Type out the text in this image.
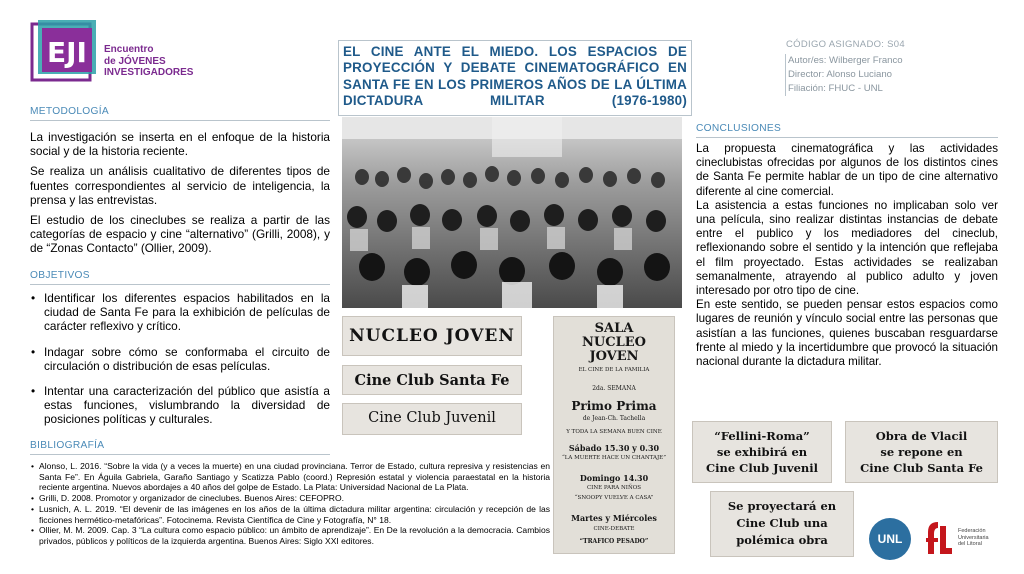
EJI Encuentro
de JÓVENES
INVESTIGADORES
EL CINE ANTE EL MIEDO. LOS ESPACIOS DE PROYECCIÓN Y DEBATE CINEMATOGRÁFICO EN SANTA FE EN LOS PRIMEROS AÑOS DE LA ÚLTIMA DICTADURA MILITAR (1976-1980)
CÓDIGO ASIGNADO: S04
Autor/es: Wilberger Franco
Director: Alonso Luciano
Filiación: FHUC - UNL
METODOLOGÍA

La investigación se inserta en el enfoque de la historia social y de la historia reciente.

Se realiza un análisis cualitativo de diferentes tipos de fuentes correspondientes al servicio de inteligencia, la prensa y las entrevistas.

El estudio de los cineclubes se realiza a partir de las categorías de espacio y cine “alternativo” (Grilli, 2008), y de “Zonas Contacto” (Ollier, 2009).

OBJETIVOS
• Identificar los diferentes espacios habilitados en la ciudad de Santa Fe para la exhibición de películas de carácter reflexivo y crítico.
• Indagar sobre cómo se conformaba el circuito de circulación o distribución de esas películas.
• Intentar una caracterización del público que asistía a estas funciones, vislumbrando la diversidad de posiciones políticas y culturales.
BIBLIOGRAFÍA
• Alonso, L. 2016. “Sobre la vida (y a veces la muerte) en una ciudad provinciana. Terror de Estado, cultura represiva y resistencias en Santa Fe”. En Águila Gabriela, Garaño Santiago y Scatizza Pablo (coord.) Represión estatal y violencia paraestatal en la historia reciente argentina. Nuevos abordajes a 40 años del golpe de Estado. La Plata: Universidad Nacional de La Plata.
• Grilli, D. 2008. Promotor y organizador de cineclubes. Buenos Aires: CEFOPRO.
• Lusnich, A. L. 2019. “El devenir de las imágenes en los años de la última dictadura militar argentina: circulación y recepción de las ficciones hermético-metafóricas”. Fotocinema. Revista Científica de Cine y Fotografía, N° 18.
• Ollier, M. M. 2009. Cap. 3 “La cultura como espacio público: un ámbito de aprendizaje”. En De la revolución a la democracia. Cambios privados, públicos y políticos de la izquierda argentina. Buenos Aires: Siglo XXI editores.
NUCLEO JOVEN
Cine Club Santa Fe
Cine Club Juvenil
SALA
NUCLEO
JOVEN
EL CINE DE LA FAMILIA
2da. SEMANA
Primo Prima
de Jean-Ch. Tachella
Y TODA LA SEMANA BUEN CINE
Sábado 15.30 y 0.30
“LA MUERTE HACE UN CHANTAJE”
Domingo 14.30
CINE PARA NIÑOS
“SNOOPY VUELVE A CASA”
Martes y Miércoles
CINE-DEBATE
“TRAFICO PESADO”
“Fellini-Roma”
se exhibirá en
Cine Club Juvenil
Obra de Vlacil
se repone en
Cine Club Santa Fe
Se proyectará en
Cine Club una
polémica obra
CONCLUSIONES

La propuesta cinematográfica y las actividades cineclubistas ofrecidas por algunos de los distintos cines de Santa Fe permite hablar de un tipo de cine alternativo diferente al cine comercial.

La asistencia a estas funciones no implicaban solo ver una película, sino realizar distintas instancias de debate entre el publico y los mediadores del cineclub, reflexionando sobre el sentido y la intención que reflejaba el film proyectado. Estas actividades se realizaban semanalmente, atrayendo al publico adulto y joven interesado por otro tipo de cine.

En este sentido, se pueden pensar estos espacios como lugares de reunión y vínculo social entre las personas que asistían a las funciones, quienes buscaban resguardarse frente al miedo y la incertidumbre que provocó la situación nacional durante la dictadura militar.

UNL
Federación
Universitaria
del Litoral
